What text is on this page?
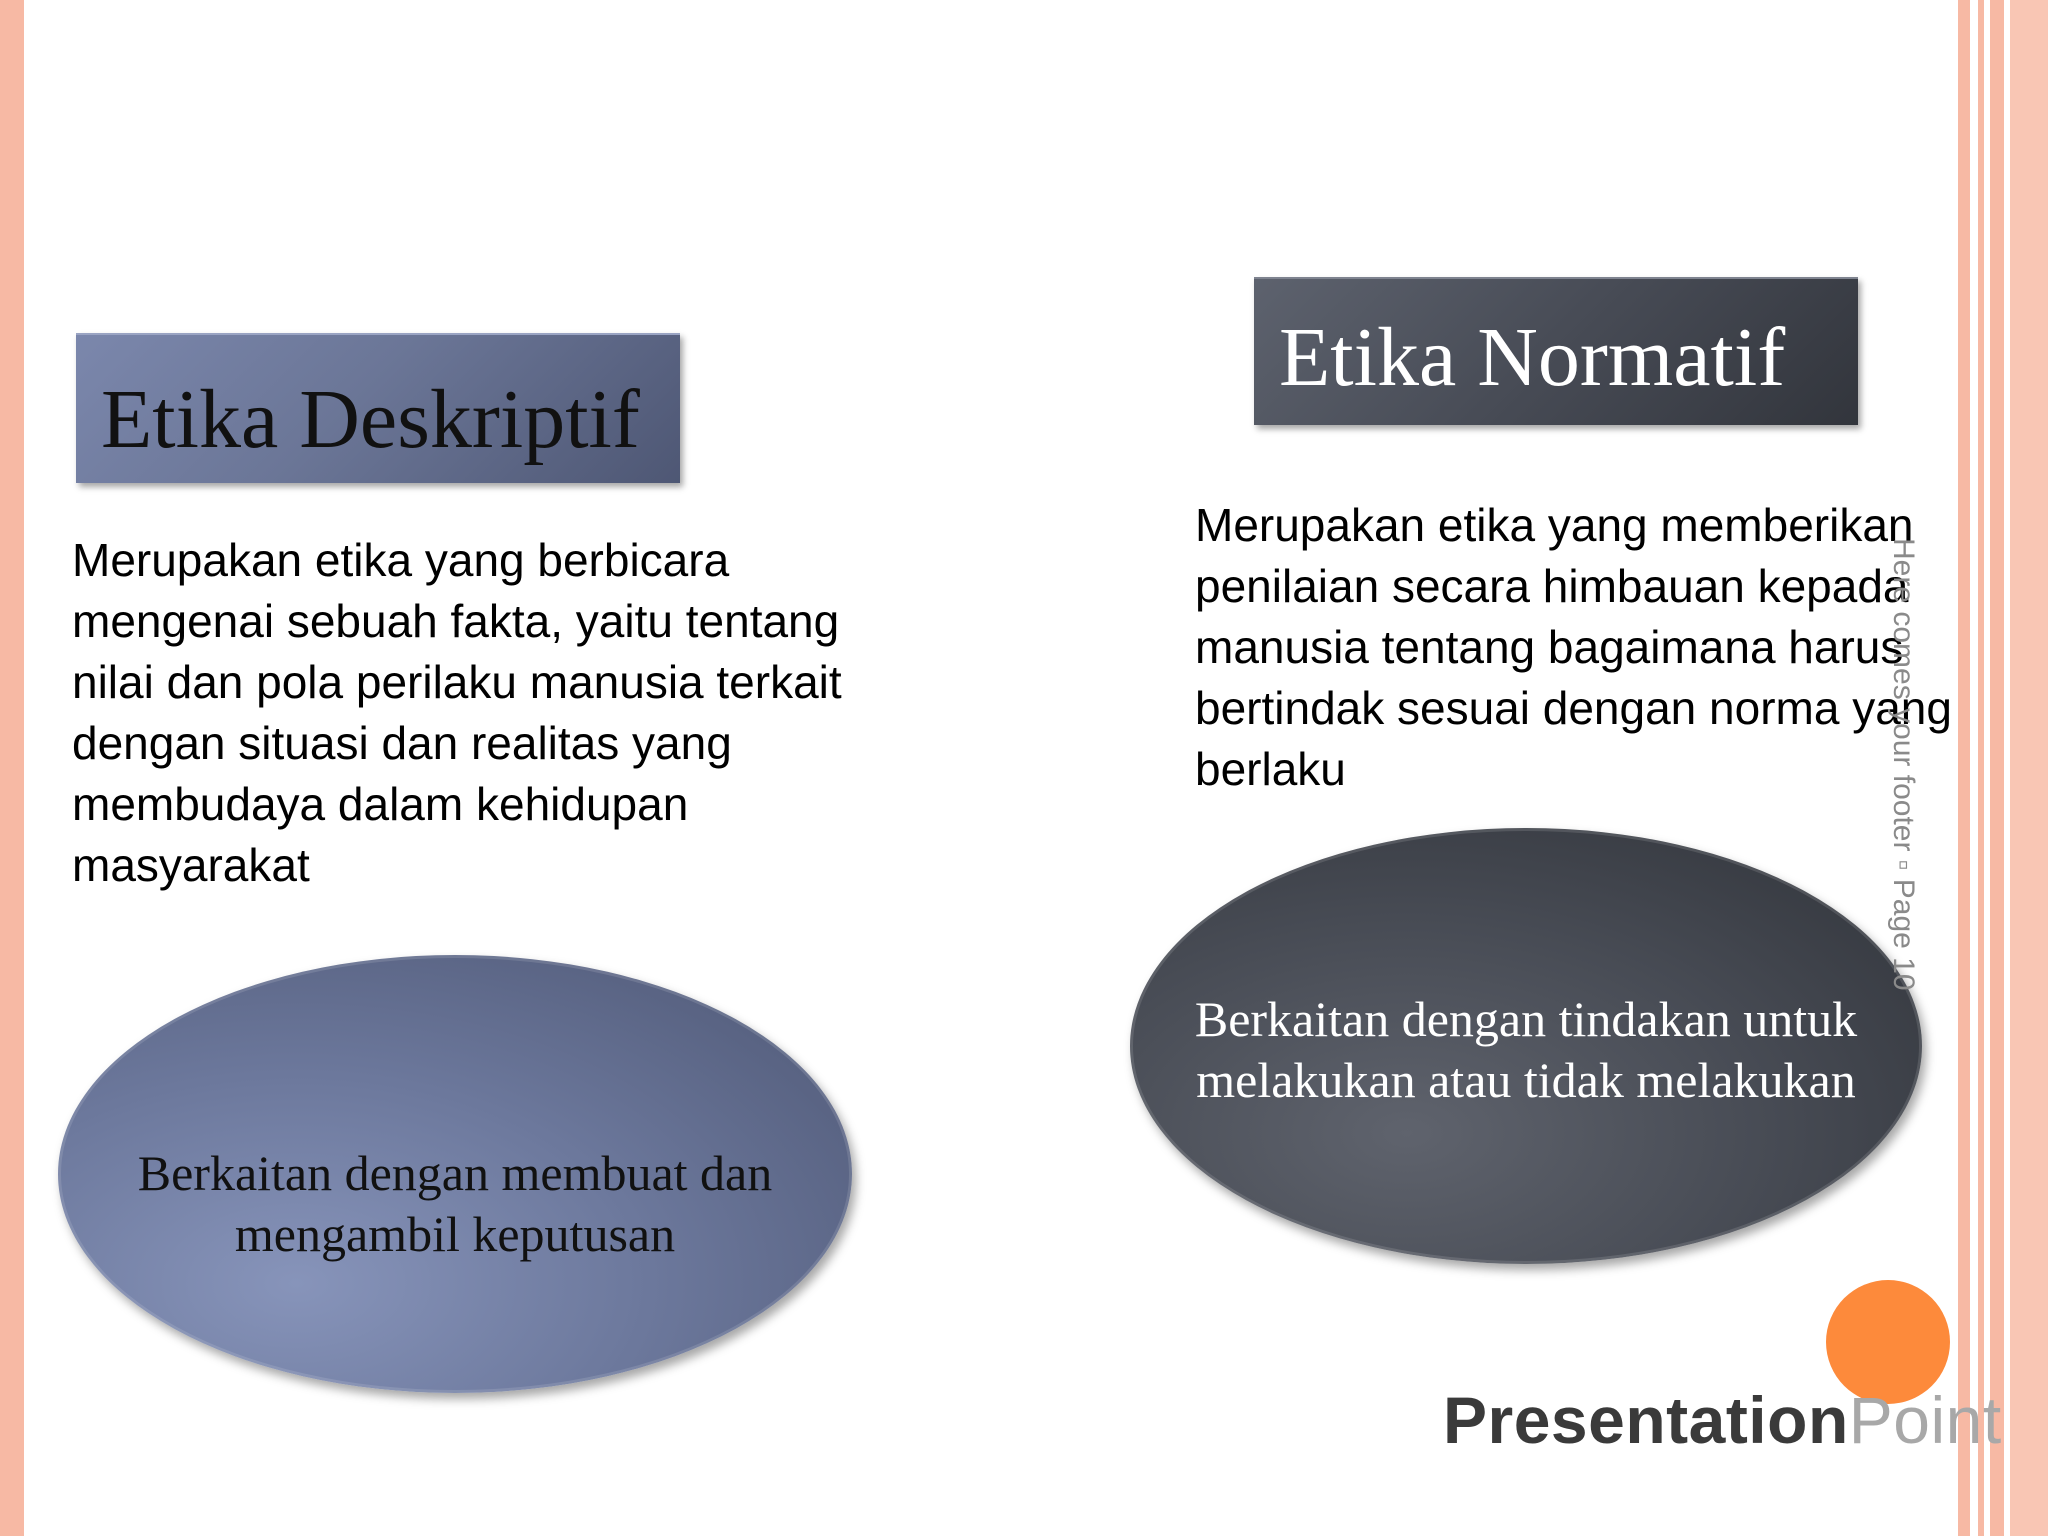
Etika Deskriptif
Merupakan etika yang berbicara mengenai sebuah fakta, yaitu tentang nilai dan pola perilaku manusia terkait dengan situasi dan realitas yang membudaya dalam kehidupan masyarakat
Berkaitan dengan membuat dan mengambil keputusan
Etika Normatif
Merupakan etika yang memberikan penilaian secara himbauan kepada manusia tentang bagaimana harus bertindak sesuai dengan norma yang berlaku
Berkaitan dengan tindakan untuk melakukan atau tidak melakukan
Here comes your footer ▫ Page 10
PresentationPoint
